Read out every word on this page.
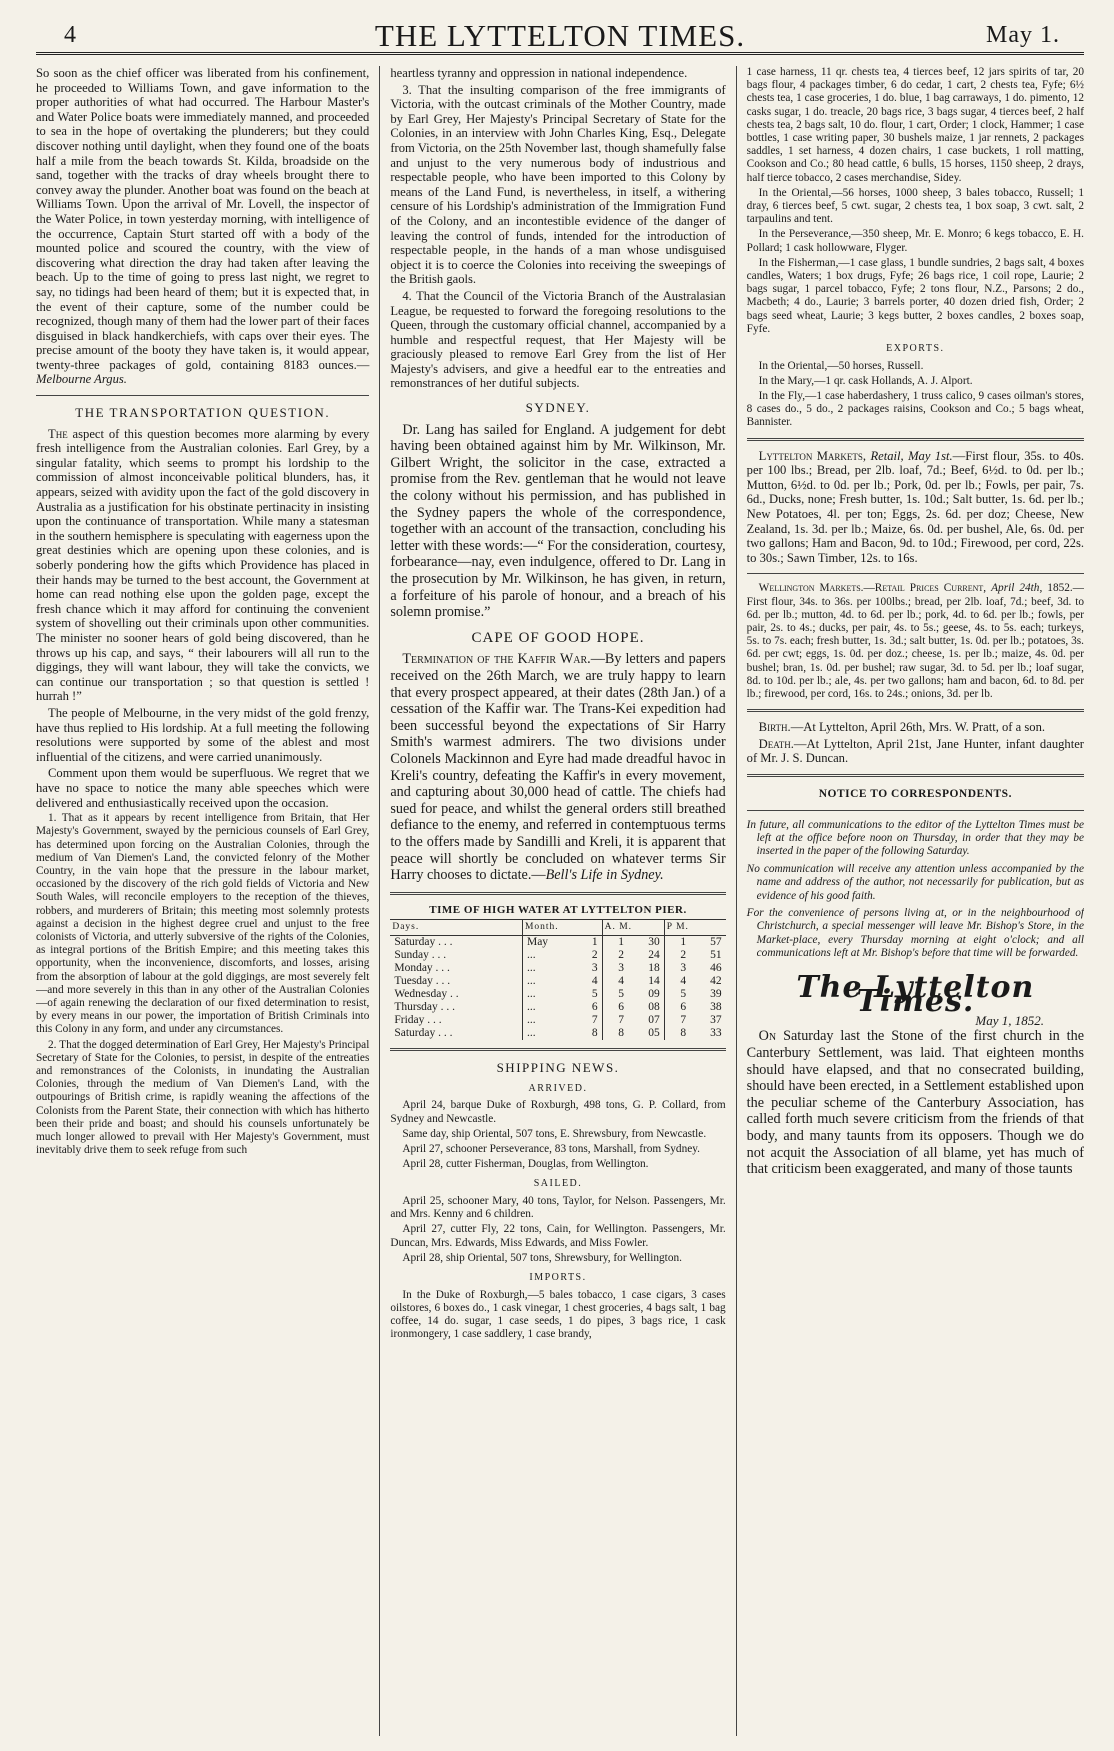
4	THE LYTTELTON TIMES.	May 1.

So soon as the chief officer was liberated from his confinement, he proceeded to Williams Town, and gave information to the proper authorities of what had occurred. The Harbour Master's and Water Police boats were immediately manned, and proceeded to sea in the hope of overtaking the plunderers; but they could discover nothing until daylight, when they found one of the boats half a mile from the beach towards St. Kilda, broadside on the sand, together with the tracks of dray wheels brought there to convey away the plunder. Another boat was found on the beach at Williams Town. Upon the arrival of Mr. Lovell, the inspector of the Water Police, in town yesterday morning, with intelligence of the occurrence, Captain Sturt started off with a body of the mounted police and scoured the country, with the view of discovering what direction the dray had taken after leaving the beach. Up to the time of going to press last night, we regret to say, no tidings had been heard of them; but it is expected that, in the event of their capture, some of the number could be recognized, though many of them had the lower part of their faces disguised in black handkerchiefs, with caps over their eyes. The precise amount of the booty they have taken is, it would appear, twenty-three packages of gold, containing 8183 ounces.—Melbourne Argus.

THE TRANSPORTATION QUESTION.

The aspect of this question becomes more alarming by every fresh intelligence from the Australian colonies. Earl Grey, by a singular fatality, which seems to prompt his lordship to the commission of almost inconceivable political blunders, has, it appears, seized with avidity upon the fact of the gold discovery in Australia as a justification for his obstinate pertinacity in insisting upon the continuance of transportation. While many a statesman in the southern hemisphere is speculating with eagerness upon the great destinies which are opening upon these colonies, and is soberly pondering how the gifts which Providence has placed in their hands may be turned to the best account, the Government at home can read nothing else upon the golden page, except the fresh chance which it may afford for continuing the convenient system of shovelling out their criminals upon other communities. The minister no sooner hears of gold being discovered, than he throws up his cap, and says, “ their labourers will all run to the diggings, they will want labour, they will take the convicts, we can continue our transportation ; so that question is settled ! hurrah !”

The people of Melbourne, in the very midst of the gold frenzy, have thus replied to His lordship. At a full meeting the following resolutions were supported by some of the ablest and most influential of the citizens, and were carried unanimously.

Comment upon them would be superfluous. We regret that we have no space to notice the many able speeches which were delivered and enthusiastically received upon the occasion.

1. That as it appears by recent intelligence from Britain, that Her Majesty's Government, swayed by the pernicious counsels of Earl Grey, has determined upon forcing on the Australian Colonies, through the medium of Van Diemen's Land, the convicted felonry of the Mother Country, in the vain hope that the pressure in the labour market, occasioned by the discovery of the rich gold fields of Victoria and New South Wales, will reconcile employers to the reception of the thieves, robbers, and murderers of Britain; this meeting most solemnly protests against a decision in the highest degree cruel and unjust to the free colonists of Victoria, and utterly subversive of the rights of the Colonies, as integral portions of the British Empire; and this meeting takes this opportunity, when the inconvenience, discomforts, and losses, arising from the absorption of labour at the gold diggings, are most severely felt—and more severely in this than in any other of the Australian Colonies—of again renewing the declaration of our fixed determination to resist, by every means in our power, the importation of British Criminals into this Colony in any form, and under any circumstances.

2. That the dogged determination of Earl Grey, Her Majesty's Principal Secretary of State for the Colonies, to persist, in despite of the entreaties and remonstrances of the Colonists, in inundating the Australian Colonies, through the medium of Van Diemen's Land, with the outpourings of British crime, is rapidly weaning the affections of the Colonists from the Parent State, their connection with which has hitherto been their pride and boast; and should his counsels unfortunately be much longer allowed to prevail with Her Majesty's Government, must inevitably drive them to seek refuge from such

heartless tyranny and oppression in national independence.

3. That the insulting comparison of the free immigrants of Victoria, with the outcast criminals of the Mother Country, made by Earl Grey, Her Majesty's Principal Secretary of State for the Colonies, in an interview with John Charles King, Esq., Delegate from Victoria, on the 25th November last, though shamefully false and unjust to the very numerous body of industrious and respectable people, who have been imported to this Colony by means of the Land Fund, is nevertheless, in itself, a withering censure of his Lordship's administration of the Immigration Fund of the Colony, and an incontestible evidence of the danger of leaving the control of funds, intended for the introduction of respectable people, in the hands of a man whose undisguised object it is to coerce the Colonies into receiving the sweepings of the British gaols.

4. That the Council of the Victoria Branch of the Australasian League, be requested to forward the foregoing resolutions to the Queen, through the customary official channel, accompanied by a humble and respectful request, that Her Majesty will be graciously pleased to remove Earl Grey from the list of Her Majesty's advisers, and give a heedful ear to the entreaties and remonstrances of her dutiful subjects.

SYDNEY.

Dr. Lang has sailed for England. A judgement for debt having been obtained against him by Mr. Wilkinson, Mr. Gilbert Wright, the solicitor in the case, extracted a promise from the Rev. gentleman that he would not leave the colony without his permission, and has published in the Sydney papers the whole of the correspondence, together with an account of the transaction, concluding his letter with these words:—“ For the consideration, courtesy, forbearance—nay, even indulgence, offered to Dr. Lang in the prosecution by Mr. Wilkinson, he has given, in return, a forfeiture of his parole of honour, and a breach of his solemn promise.”

CAPE OF GOOD HOPE.

Termination of the Kaffir War.—By letters and papers received on the 26th March, we are truly happy to learn that every prospect appeared, at their dates (28th Jan.) of a cessation of the Kaffir war. The Trans-Kei expedition had been successful beyond the expectations of Sir Harry Smith's warmest admirers. The two divisions under Colonels Mackinnon and Eyre had made dreadful havoc in Kreli's country, defeating the Kaffir's in every movement, and capturing about 30,000 head of cattle. The chiefs had sued for peace, and whilst the general orders still breathed defiance to the enemy, and referred in contemptuous terms to the offers made by Sandilli and Kreli, it is apparent that peace will shortly be concluded on whatever terms Sir Harry chooses to dictate.—Bell's Life in Sydney.

TIME OF HIGH WATER AT LYTTELTON PIER.
Days.	Month.		A. M.		P M.	
Saturday . . .	May	1	1	30	1	57
Sunday . . .	...	2	2	24	2	51
Monday . . .	...	3	3	18	3	46
Tuesday . . .	...	4	4	14	4	42
Wednesday . .	...	5	5	09	5	39
Thursday . . .	...	6	6	08	6	38
Friday . . .	...	7	7	07	7	37
Saturday . . .	...	8	8	05	8	33
SHIPPING NEWS.
ARRIVED.

April 24, barque Duke of Roxburgh, 498 tons, G. P. Collard, from Sydney and Newcastle.

Same day, ship Oriental, 507 tons, E. Shrewsbury, from Newcastle.

April 27, schooner Perseverance, 83 tons, Marshall, from Sydney.

April 28, cutter Fisherman, Douglas, from Wellington.

SAILED.

April 25, schooner Mary, 40 tons, Taylor, for Nelson. Passengers, Mr. and Mrs. Kenny and 6 children.

April 27, cutter Fly, 22 tons, Cain, for Wellington. Passengers, Mr. Duncan, Mrs. Edwards, Miss Edwards, and Miss Fowler.

April 28, ship Oriental, 507 tons, Shrewsbury, for Wellington.

IMPORTS.

In the Duke of Roxburgh,—5 bales tobacco, 1 case cigars, 3 cases oilstores, 6 boxes do., 1 cask vinegar, 1 chest groceries, 4 bags salt, 1 bag coffee, 14 do. sugar, 1 case seeds, 1 do pipes, 3 bags rice, 1 cask ironmongery, 1 case saddlery, 1 case brandy,

1 case harness, 11 qr. chests tea, 4 tierces beef, 12 jars spirits of tar, 20 bags flour, 4 packages timber, 6 do cedar, 1 cart, 2 chests tea, Fyfe; 6½ chests tea, 1 case groceries, 1 do. blue, 1 bag carraways, 1 do. pimento, 12 casks sugar, 1 do. treacle, 20 bags rice, 3 bags sugar, 4 tierces beef, 2 half chests tea, 2 bags salt, 10 do. flour, 1 cart, Order; 1 clock, Hammer; 1 case bottles, 1 case writing paper, 30 bushels maize, 1 jar rennets, 2 packages saddles, 1 set harness, 4 dozen chairs, 1 case buckets, 1 roll matting, Cookson and Co.; 80 head cattle, 6 bulls, 15 horses, 1150 sheep, 2 drays, half tierce tobacco, 2 cases merchandise, Sidey.

In the Oriental,—56 horses, 1000 sheep, 3 bales tobacco, Russell; 1 dray, 6 tierces beef, 5 cwt. sugar, 2 chests tea, 1 box soap, 3 cwt. salt, 2 tarpaulins and tent.

In the Perseverance,—350 sheep, Mr. E. Monro; 6 kegs tobacco, E. H. Pollard; 1 cask hollowware, Flyger.

In the Fisherman,—1 case glass, 1 bundle sundries, 2 bags salt, 4 boxes candles, Waters; 1 box drugs, Fyfe; 26 bags rice, 1 coil rope, Laurie; 2 bags sugar, 1 parcel tobacco, Fyfe; 2 tons flour, N.Z., Parsons; 2 do., Macbeth; 4 do., Laurie; 3 barrels porter, 40 dozen dried fish, Order; 2 bags seed wheat, Laurie; 3 kegs butter, 2 boxes candles, 2 boxes soap, Fyfe.

EXPORTS.

In the Oriental,—50 horses, Russell.

In the Mary,—1 qr. cask Hollands, A. J. Alport.

In the Fly,—1 case haberdashery, 1 truss calico, 9 cases oilman's stores, 8 cases do., 5 do., 2 packages raisins, Cookson and Co.; 5 bags wheat, Bannister.

Lyttelton Markets, Retail, May 1st.—First flour, 35s. to 40s. per 100 lbs.; Bread, per 2lb. loaf, 7d.; Beef, 6½d. to 0d. per lb.; Mutton, 6½d. to 0d. per lb.; Pork, 0d. per lb.; Fowls, per pair, 7s. 6d., Ducks, none; Fresh butter, 1s. 10d.; Salt butter, 1s. 6d. per lb.; New Potatoes, 4l. per ton; Eggs, 2s. 6d. per doz; Cheese, New Zealand, 1s. 3d. per lb.; Maize, 6s. 0d. per bushel, Ale, 6s. 0d. per two gallons; Ham and Bacon, 9d. to 10d.; Firewood, per cord, 22s. to 30s.; Sawn Timber, 12s. to 16s.

Wellington Markets.—Retail Prices Current, April 24th, 1852.—First flour, 34s. to 36s. per 100lbs.; bread, per 2lb. loaf, 7d.; beef, 3d. to 6d. per lb.; mutton, 4d. to 6d. per lb.; pork, 4d. to 6d. per lb.; fowls, per pair, 2s. to 4s.; ducks, per pair, 4s. to 5s.; geese, 4s. to 5s. each; turkeys, 5s. to 7s. each; fresh butter, 1s. 3d.; salt butter, 1s. 0d. per lb.; potatoes, 3s. 6d. per cwt; eggs, 1s. 0d. per doz.; cheese, 1s. per lb.; maize, 4s. 0d. per bushel; bran, 1s. 0d. per bushel; raw sugar, 3d. to 5d. per lb.; loaf sugar, 8d. to 10d. per lb.; ale, 4s. per two gallons; ham and bacon, 6d. to 8d. per lb.; firewood, per cord, 16s. to 24s.; onions, 3d. per lb.

Birth.—At Lyttelton, April 26th, Mrs. W. Pratt, of a son.

Death.—At Lyttelton, April 21st, Jane Hunter, infant daughter of Mr. J. S. Duncan.

NOTICE TO CORRESPONDENTS.

In future, all communications to the editor of the Lyttelton Times must be left at the office before noon on Thursday, in order that they may be inserted in the paper of the following Saturday.

No communication will receive any attention unless accompanied by the name and address of the author, not necessarily for publication, but as evidence of his good faith.

For the convenience of persons living at, or in the neighbourhood of Christchurch, a special messenger will leave Mr. Bishop's Store, in the Market-place, every Thursday morning at eight o'clock; and all communications left at Mr. Bishop's before that time will be forwarded.

The Lyttelton Times.
May 1, 1852.

On Saturday last the Stone of the first church in the Canterbury Settlement, was laid. That eighteen months should have elapsed, and that no consecrated building, should have been erected, in a Settlement established upon the peculiar scheme of the Canterbury Association, has called forth much severe criticism from the friends of that body, and many taunts from its opposers. Though we do not acquit the Association of all blame, yet has much of that criticism been exaggerated, and many of those taunts
